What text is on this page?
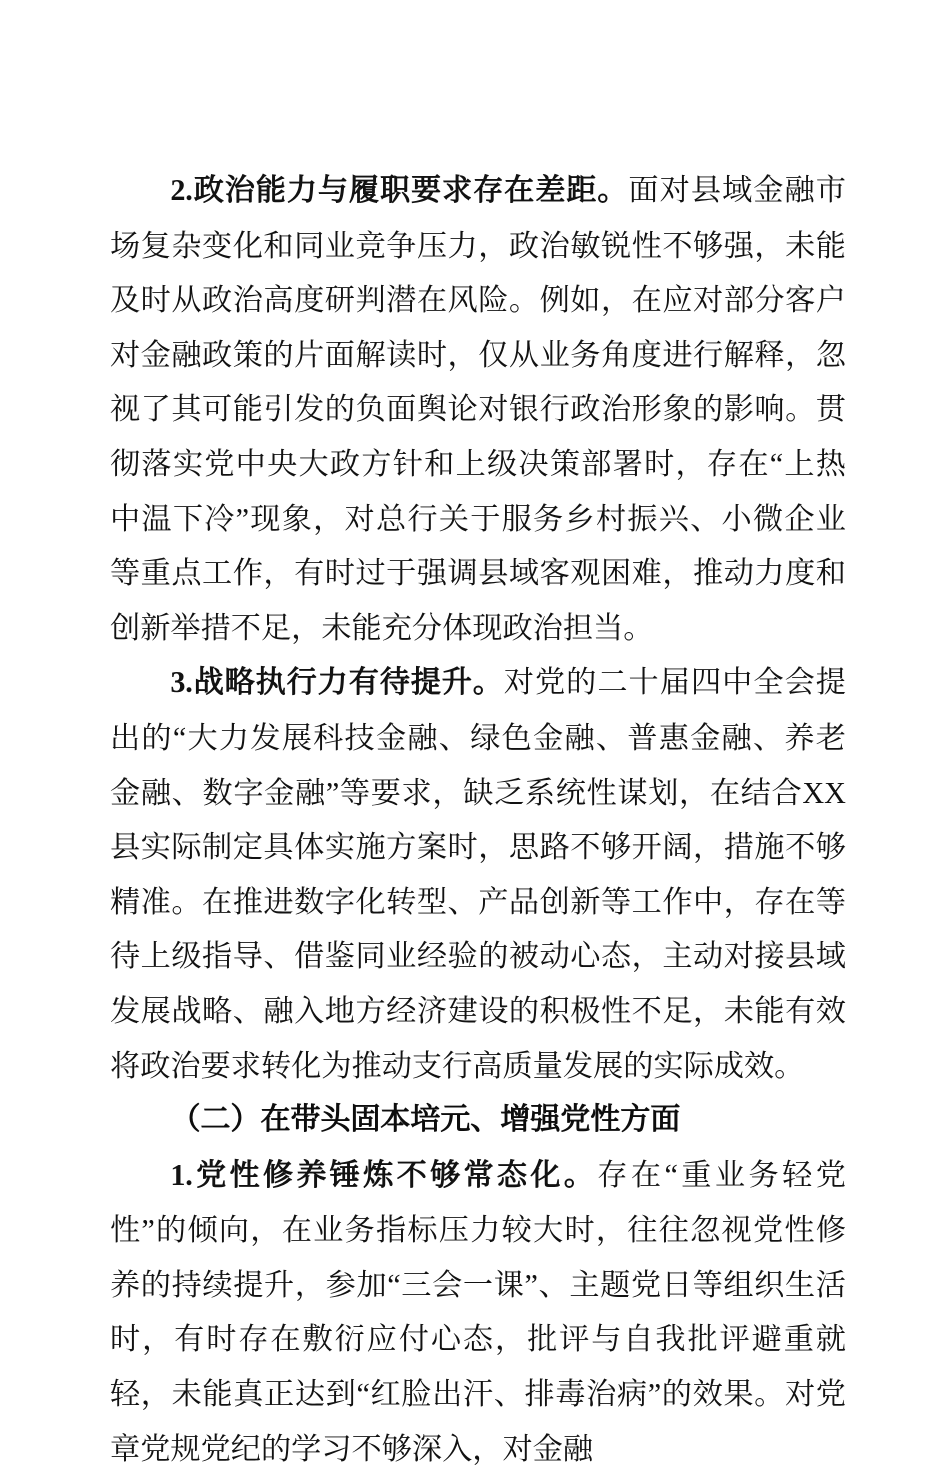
2.政治能力与履职要求存在差距。面对县域金融市场复杂变化和同业竞争压力，政治敏锐性不够强，未能及时从政治高度研判潜在风险。例如，在应对部分客户对金融政策的片面解读时，仅从业务角度进行解释，忽视了其可能引发的负面舆论对银行政治形象的影响。贯彻落实党中央大政方针和上级决策部署时，存在“上热中温下冷”现象，对总行关于服务乡村振兴、小微企业等重点工作，有时过于强调县域客观困难，推动力度和创新举措不足，未能充分体现政治担当。

3.战略执行力有待提升。对党的二十届四中全会提出的“大力发展科技金融、绿色金融、普惠金融、养老金融、数字金融”等要求，缺乏系统性谋划，在结合XX县实际制定具体实施方案时，思路不够开阔，措施不够精准。在推进数字化转型、产品创新等工作中，存在等待上级指导、借鉴同业经验的被动心态，主动对接县域发展战略、融入地方经济建设的积极性不足，未能有效将政治要求转化为推动支行高质量发展的实际成效。

（二）在带头固本培元、增强党性方面

1.党性修养锤炼不够常态化。存在“重业务轻党性”的倾向，在业务指标压力较大时，往往忽视党性修养的持续提升，参加“三会一课”、主题党日等组织生活时，有时存在敷衍应付心态，批评与自我批评避重就轻，未能真正达到“红脸出汗、排毒治病”的效果。对党章党规党纪的学习不够深入，对金融
